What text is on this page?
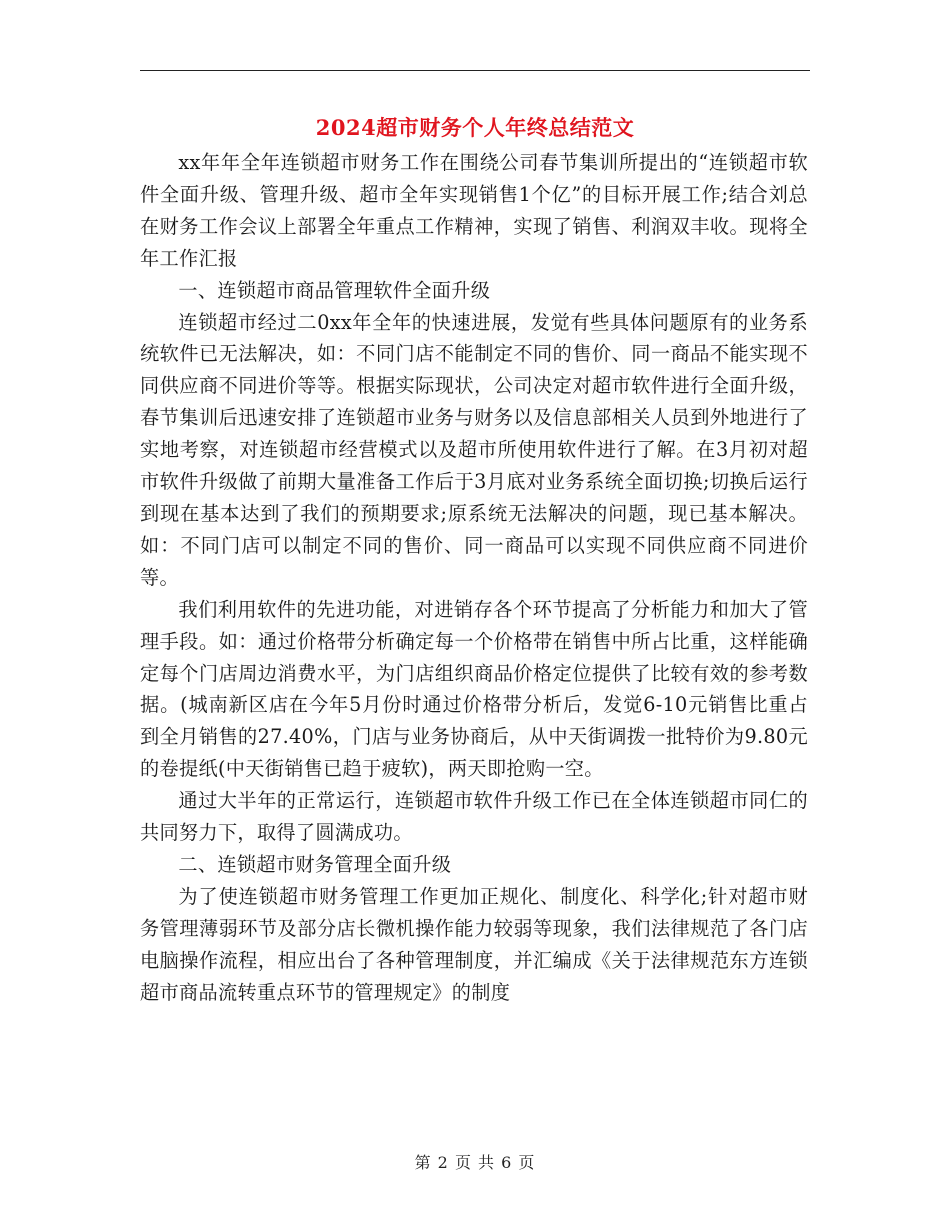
2024超市财务个人年终总结范文

xx年年全年连锁超市财务工作在围绕公司春节集训所提出的“连锁超市软件全面升级、管理升级、超市全年实现销售1个亿”的目标开展工作;结合刘总在财务工作会议上部署全年重点工作精神，实现了销售、利润双丰收。现将全年工作汇报

一、连锁超市商品管理软件全面升级

连锁超市经过二0xx年全年的快速进展，发觉有些具体问题原有的业务系统软件已无法解决，如：不同门店不能制定不同的售价、同一商品不能实现不同供应商不同进价等等。根据实际现状，公司决定对超市软件进行全面升级，春节集训后迅速安排了连锁超市业务与财务以及信息部相关人员到外地进行了实地考察，对连锁超市经营模式以及超市所使用软件进行了解。在3月初对超市软件升级做了前期大量准备工作后于3月底对业务系统全面切换;切换后运行到现在基本达到了我们的预期要求;原系统无法解决的问题，现已基本解决。如：不同门店可以制定不同的售价、同一商品可以实现不同供应商不同进价等。

我们利用软件的先进功能，对进销存各个环节提高了分析能力和加大了管理手段。如：通过价格带分析确定每一个价格带在销售中所占比重，这样能确定每个门店周边消费水平，为门店组织商品价格定位提供了比较有效的参考数据。(城南新区店在今年5月份时通过价格带分析后，发觉6-10元销售比重占到全月销售的27.40%，门店与业务协商后，从中天街调拨一批特价为9.80元的卷提纸(中天街销售已趋于疲软)，两天即抢购一空。

通过大半年的正常运行，连锁超市软件升级工作已在全体连锁超市同仁的共同努力下，取得了圆满成功。

二、连锁超市财务管理全面升级

为了使连锁超市财务管理工作更加正规化、制度化、科学化;针对超市财务管理薄弱环节及部分店长微机操作能力较弱等现象，我们法律规范了各门店电脑操作流程，相应出台了各种管理制度，并汇编成《关于法律规范东方连锁超市商品流转重点环节的管理规定》的制度

第 2 页 共 6 页
